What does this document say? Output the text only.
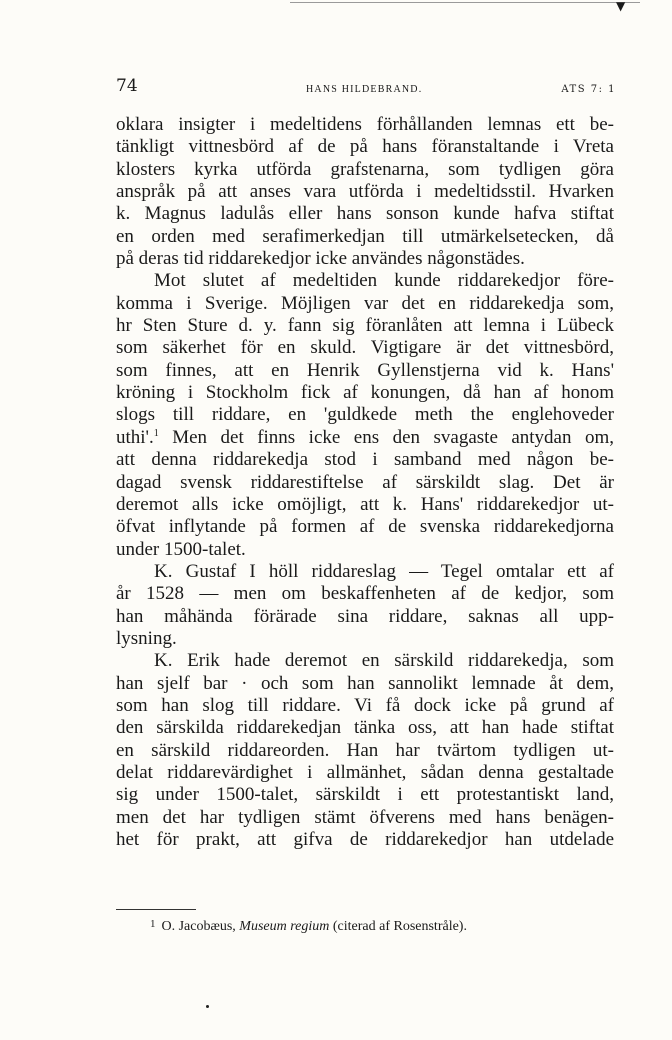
▼
74	HANS HILDEBRAND.	ATS 7: 1
oklara insigter i medeltidens förhållanden lemnas ett be-
tänkligt vittnesbörd af de på hans föranstaltande i Vreta
klosters kyrka utförda grafstenarna, som tydligen göra
anspråk på att anses vara utförda i medeltidsstil. Hvarken
k. Magnus ladulås eller hans sonson kunde hafva stiftat
en orden med serafimerkedjan till utmärkelsetecken, då
på deras tid riddarekedjor icke användes någonstädes.
Mot slutet af medeltiden kunde riddarekedjor före-
komma i Sverige. Möjligen var det en riddarekedja som,
hr Sten Sture d. y. fann sig föranlåten att lemna i Lübeck
som säkerhet för en skuld. Vigtigare är det vittnesbörd,
som finnes, att en Henrik Gyllenstjerna vid k. Hans'
kröning i Stockholm fick af konungen, då han af honom
slogs till riddare, en 'guldkede meth the englehoveder
uthi'.$^1$ Men det finns icke ens den svagaste antydan om,
att denna riddarekedja stod i samband med någon be-
dagad svensk riddarestiftelse af särskildt slag. Det är
deremot alls icke omöjligt, att k. Hans' riddarekedjor ut-
öfvat inflytande på formen af de svenska riddarekedjorna
under 1500-talet.
K. Gustaf I höll riddareslag — Tegel omtalar ett af
år 1528 — men om beskaffenheten af de kedjor, som
han måhända förärade sina riddare, saknas all upp-
lysning.
K. Erik hade deremot en särskild riddarekedja, som
han sjelf bar · och som han sannolikt lemnade åt dem,
som han slog till riddare. Vi få dock icke på grund af
den särskilda riddarekedjan tänka oss, att han hade stiftat
en särskild riddareorden. Han har tvärtom tydligen ut-
delat riddarevärdighet i allmänhet, sådan denna gestaltade
sig under 1500-talet, särskildt i ett protestantiskt land,
men det har tydligen stämt öfverens med hans benägen-
het för prakt, att gifva de riddarekedjor han utdelade
$^1$ O. Jacobæus, Museum regium (citerad af Rosenstråle).
